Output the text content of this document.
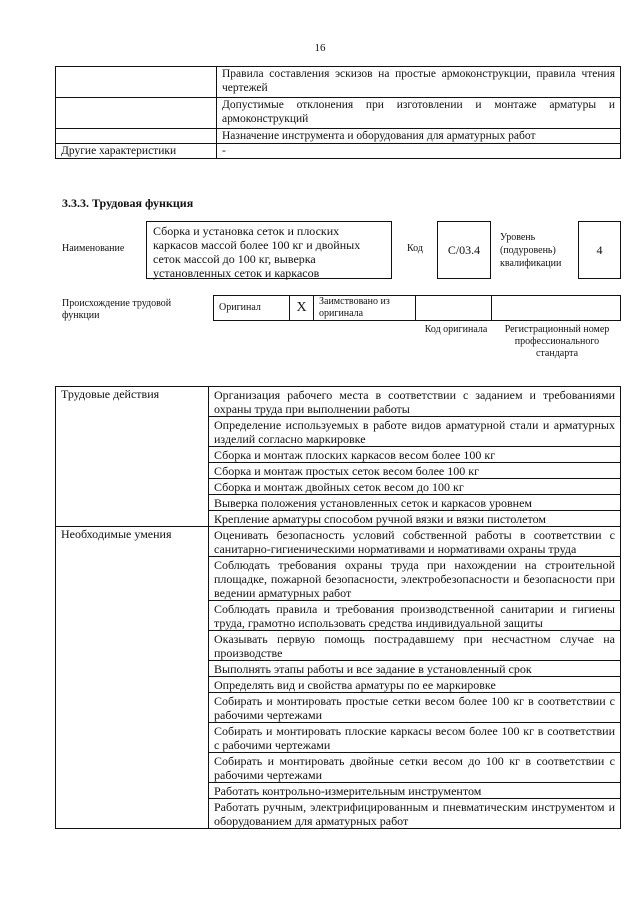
16
	Правила составления эскизов на простые армоконструкции, правила чтения чертежей
	Допустимые отклонения при изготовлении и монтаже арматуры и армоконструкций
	Назначение инструмента и оборудования для арматурных работ
Другие характеристики	-
3.3.3. Трудовая функция
Наименование
Сборка и установка сеток и плоских каркасов массой более 100 кг и двойных сеток массой до 100 кг, выверка установленных сеток и каркасов
Код	C/03.4
Уровень (подуровень) квалификации
4
Происхождение трудовой функции
Оригинал	X	Заимствовано из оригинала		
Код оригинала	Регистрационный номер профессионального стандарта
Трудовые действия	Организация рабочего места в соответствии с заданием и требованиями охраны труда при выполнении работы
	Определение используемых в работе видов арматурной стали и арматурных изделий согласно маркировке
	Сборка и монтаж плоских каркасов весом более 100 кг
	Сборка и монтаж простых сеток весом более 100 кг
	Сборка и монтаж двойных сеток весом до 100 кг
	Выверка положения установленных сеток и каркасов уровнем
	Крепление арматуры способом ручной вязки и вязки пистолетом
Необходимые умения	Оценивать безопасность условий собственной работы в соответствии с санитарно-гигиеническими нормативами и нормативами охраны труда
	Соблюдать требования охраны труда при нахождении на строительной площадке, пожарной безопасности, электробезопасности и безопасности при ведении арматурных работ
	Соблюдать правила и требования производственной санитарии и гигиены труда, грамотно использовать средства индивидуальной защиты
	Оказывать первую помощь пострадавшему при несчастном случае на производстве
	Выполнять этапы работы и все задание в установленный срок
	Определять вид и свойства арматуры по ее маркировке
	Собирать и монтировать простые сетки весом более 100 кг в соответствии с рабочими чертежами
	Собирать и монтировать плоские каркасы весом более 100 кг в соответствии с рабочими чертежами
	Собирать и монтировать двойные сетки весом до 100 кг в соответствии с рабочими чертежами
	Работать контрольно-измерительным инструментом
	Работать ручным, электрифицированным и пневматическим инструментом и оборудованием для арматурных работ
